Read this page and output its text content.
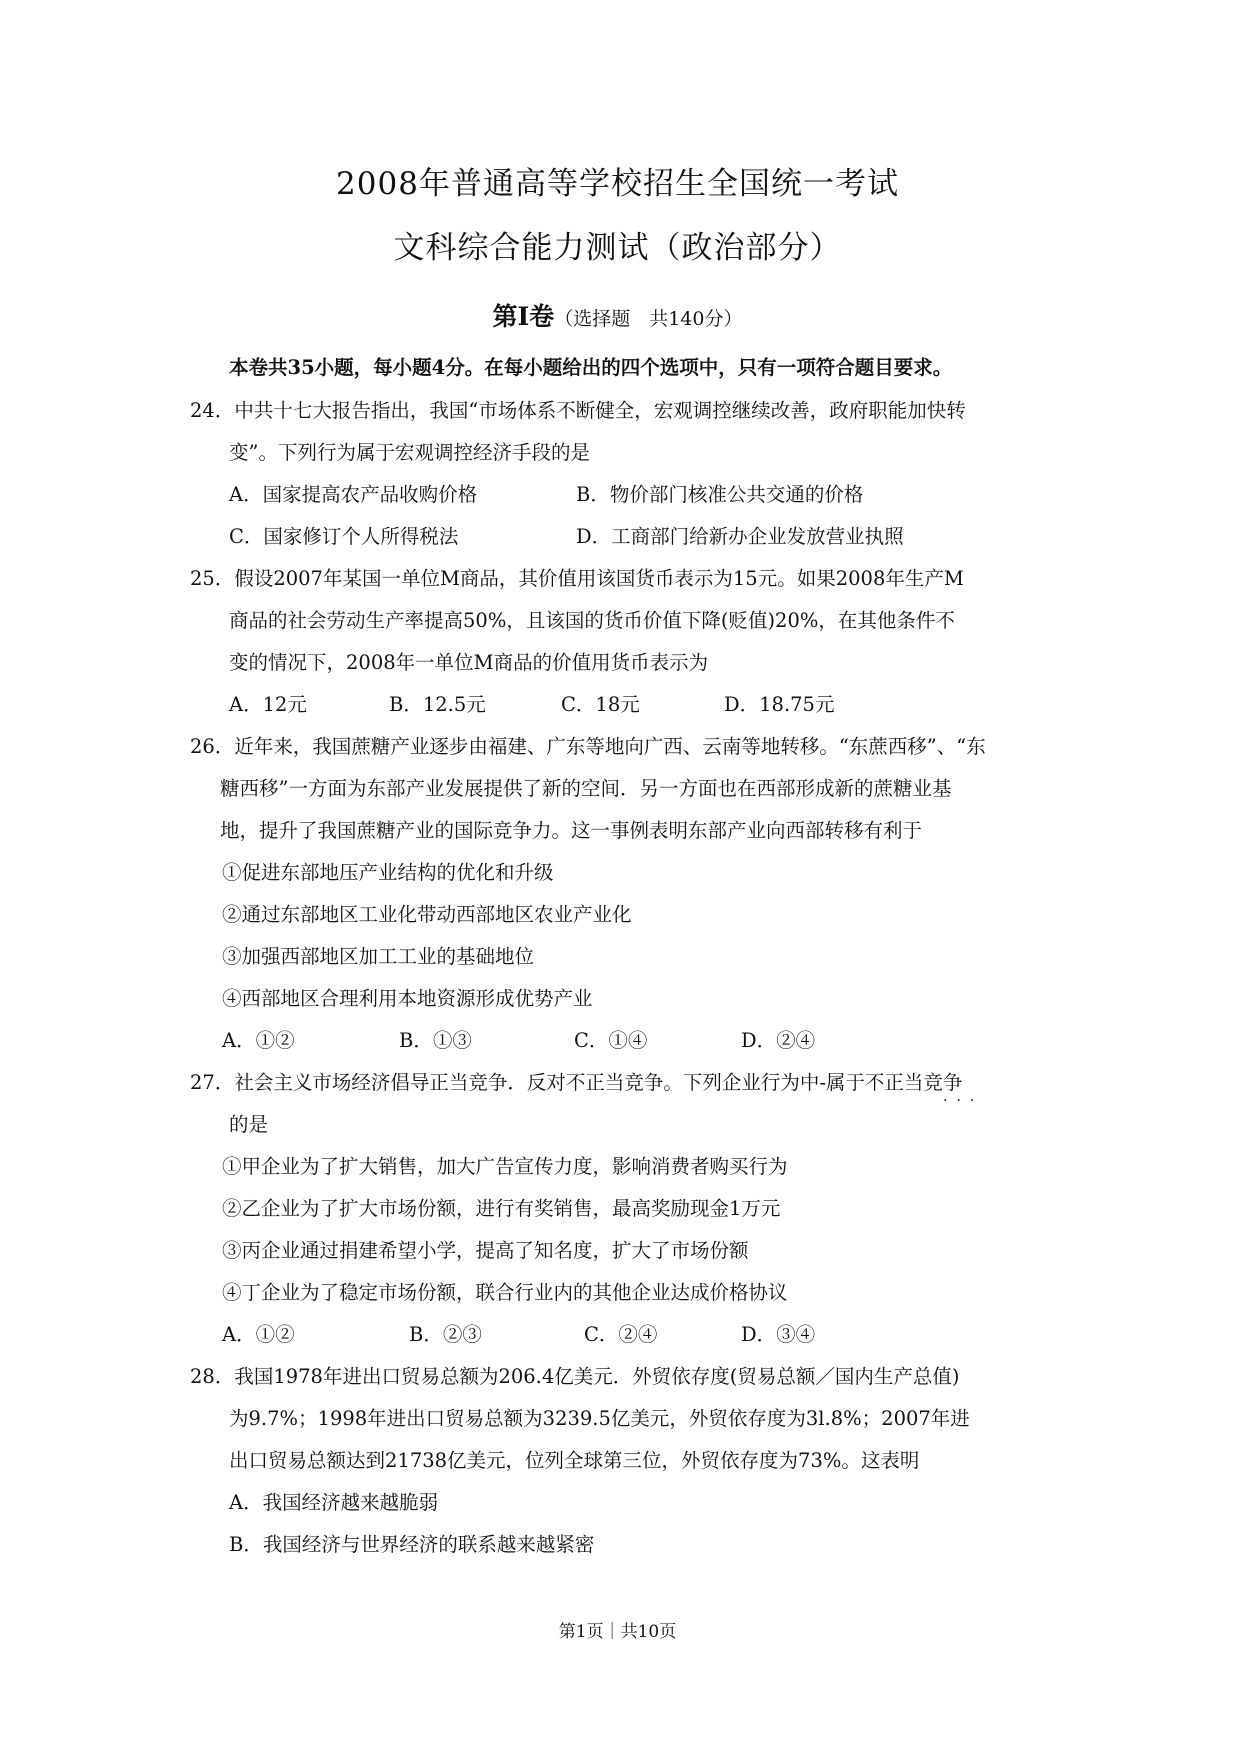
2008年普通高等学校招生全国统一考试
文科综合能力测试（政治部分）
第Ⅰ卷（选择题　共140分）
本卷共35小题，每小题4分。在每小题给出的四个选项中，只有一项符合题目要求。
24．中共十七大报告指出，我国“市场体系不断健全，宏观调控继续改善，政府职能加快转
变”。下列行为属于宏观调控经济手段的是
A．国家提高农产品收购价格	B．物价部门核准公共交通的价格
C．国家修订个人所得税法	D．工商部门给新办企业发放营业执照
25．假设2007年某国一单位M商品，其价值用该国货币表示为15元。如果2008年生产M
商品的社会劳动生产率提高50%，且该国的货币价值下降(贬值)20%，在其他条件不
变的情况下，2008年一单位M商品的价值用货币表示为
A．12元	B．12.5元	C．18元	D．18.75元
26．近年来，我国蔗糖产业逐步由福建、广东等地向广西、云南等地转移。“东蔗西移”、“东
糖西移”一方面为东部产业发展提供了新的空间．另一方面也在西部形成新的蔗糖业基
地，提升了我国蔗糖产业的国际竞争力。这一事例表明东部产业向西部转移有利于
①促进东部地压产业结构的优化和升级
②通过东部地区工业化带动西部地区农业产业化
③加强西部地区加工工业的基础地位
④西部地区合理利用本地资源形成优势产业
A．①②	B．①③	C．①④	D．②④
27．社会主义市场经济倡导正当竞争．反对不正当竞争。下列企业行为中-属于不正当竞争
···
的是
①甲企业为了扩大销售，加大广告宣传力度，影响消费者购买行为
②乙企业为了扩大市场份额，进行有奖销售，最高奖励现金1万元
③丙企业通过捐建希望小学，提高了知名度，扩大了市场份额
④丁企业为了稳定市场份额，联合行业内的其他企业达成价格协议
A．①②	B．②③	C．②④	D．③④
28．我国1978年进出口贸易总额为206.4亿美元．外贸依存度(贸易总额／国内生产总值)
为9.7%；1998年进出口贸易总额为3239.5亿美元，外贸依存度为3l.8%；2007年进
出口贸易总额达到21738亿美元，位列全球第三位，外贸依存度为73%。这表明
A．我国经济越来越脆弱
B．我国经济与世界经济的联系越来越紧密
第1页｜共10页
